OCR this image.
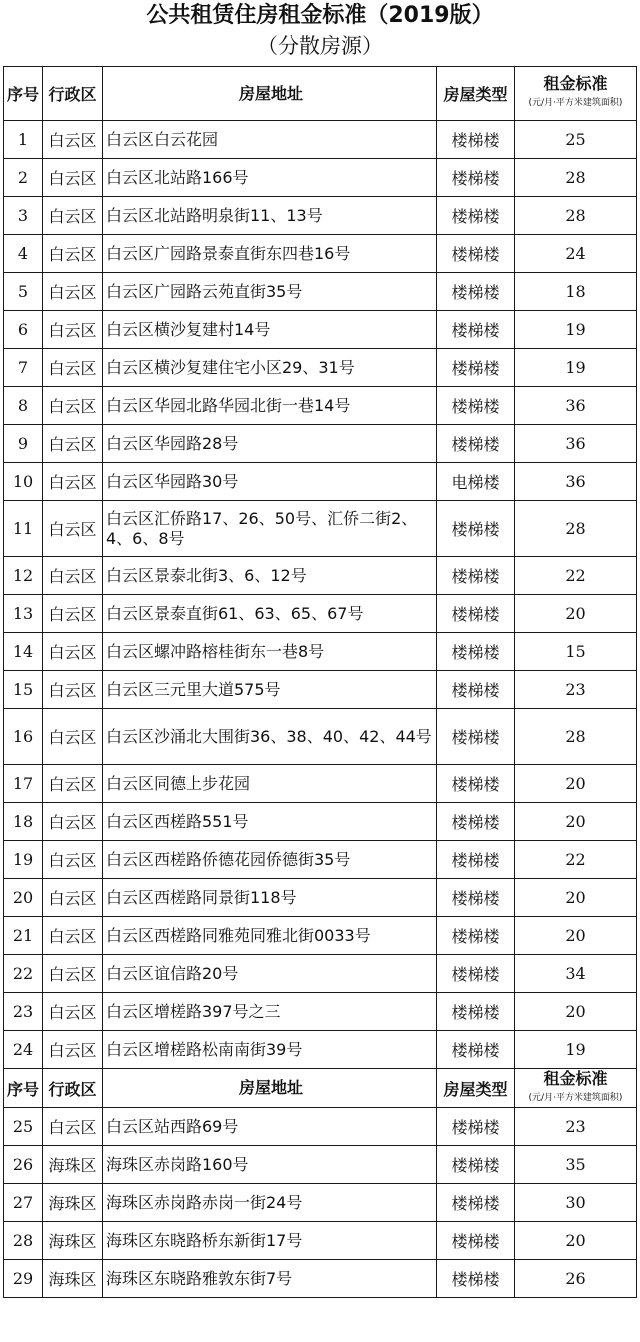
公共租赁住房租金标准（2019版）
（分散房源）
序号	行政区	房屋地址	房屋类型	租金标准
(元/月·平方米建筑面积)

1	白云区	白云区白云花园	楼梯楼	25
2	白云区	白云区北站路166号	楼梯楼	28
3	白云区	白云区北站路明泉街11、13号	楼梯楼	28
4	白云区	白云区广园路景泰直街东四巷16号	楼梯楼	24
5	白云区	白云区广园路云苑直街35号	楼梯楼	18
6	白云区	白云区横沙复建村14号	楼梯楼	19
7	白云区	白云区横沙复建住宅小区29、31号	楼梯楼	19
8	白云区	白云区华园北路华园北街一巷14号	楼梯楼	36
9	白云区	白云区华园路28号	楼梯楼	36
10	白云区	白云区华园路30号	电梯楼	36
11	白云区	白云区汇侨路17、26、50号、汇侨二街2、4、6、8号	楼梯楼	28
12	白云区	白云区景泰北街3、6、12号	楼梯楼	22
13	白云区	白云区景泰直街61、63、65、67号	楼梯楼	20
14	白云区	白云区螺冲路榕桂街东一巷8号	楼梯楼	15
15	白云区	白云区三元里大道575号	楼梯楼	23
16	白云区	白云区沙涌北大围街36、38、40、42、44号	楼梯楼	28
17	白云区	白云区同德上步花园	楼梯楼	20
18	白云区	白云区西槎路551号	楼梯楼	20
19	白云区	白云区西槎路侨德花园侨德街35号	楼梯楼	22
20	白云区	白云区西槎路同景街118号	楼梯楼	20
21	白云区	白云区西槎路同雅苑同雅北街0033号	楼梯楼	20
22	白云区	白云区谊信路20号	楼梯楼	34
23	白云区	白云区增槎路397号之三	楼梯楼	20
24	白云区	白云区增槎路松南南街39号	楼梯楼	19
序号	行政区	房屋地址	房屋类型	租金标准
(元/月·平方米建筑面积)

25	白云区	白云区站西路69号	楼梯楼	23
26	海珠区	海珠区赤岗路160号	楼梯楼	35
27	海珠区	海珠区赤岗路赤岗一街24号	楼梯楼	30
28	海珠区	海珠区东晓路桥东新街17号	楼梯楼	20
29	海珠区	海珠区东晓路雅敦东街7号	楼梯楼	26
